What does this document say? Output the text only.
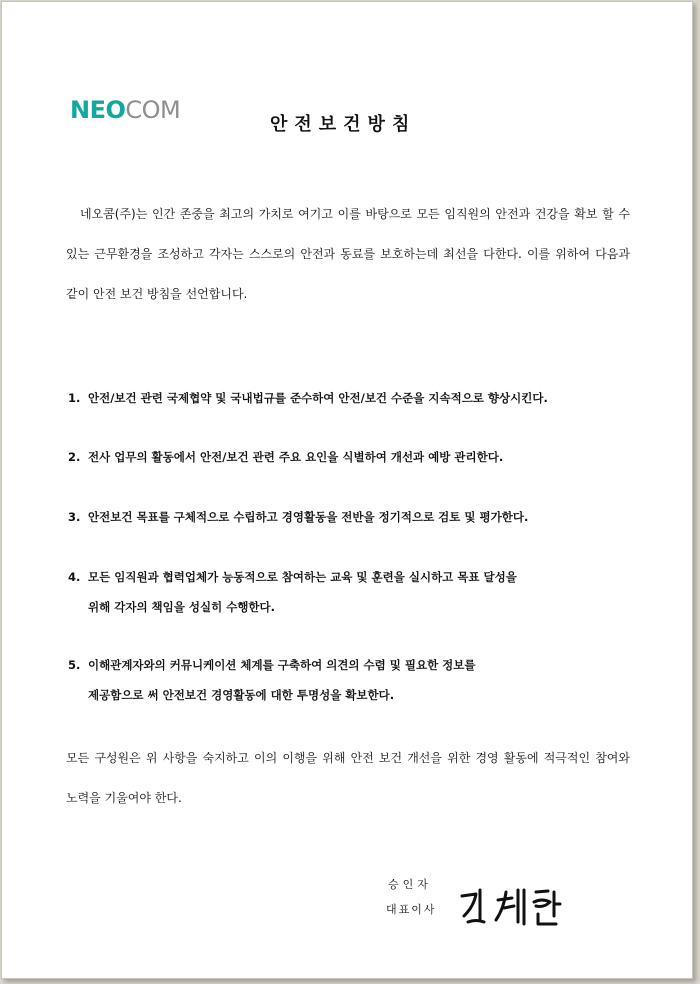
NEOCOM
안전보건방침

네오콤(주)는 인간 존중을 최고의 가치로 여기고 이를 바탕으로 모든 임직원의 안전과 건강을 확보 할 수 있는 근무환경을 조성하고 각자는 스스로의 안전과 동료를 보호하는데 최선을 다한다. 이를 위하여 다음과 같이 안전 보건 방침을 선언합니다.

1. 안전/보건 관련 국제협약 및 국내법규를 준수하여 안전/보건 수준을 지속적으로 향상시킨다.
2. 전사 업무의 활동에서 안전/보건 관련 주요 요인을 식별하여 개선과 예방 관리한다.
3. 안전보건 목표를 구체적으로 수립하고 경영활동을 전반을 정기적으로 검토 및 평가한다.
4. 모든 임직원과 협력업체가 능동적으로 참여하는 교육 및 훈련을 실시하고 목표 달성을
위해 각자의 책임을 성실히 수행한다.
5. 이해관계자와의 커뮤니케이션 체계를 구축하여 의견의 수렴 및 필요한 정보를
제공함으로 써 안전보건 경영활동에 대한 투명성을 확보한다.

모든 구성원은 위 사항을 숙지하고 이의 이행을 위해 안전 보건 개선을 위한 경영 활동에 적극적인 참여와 노력을 기울여야 한다.

승인자
대표이사
